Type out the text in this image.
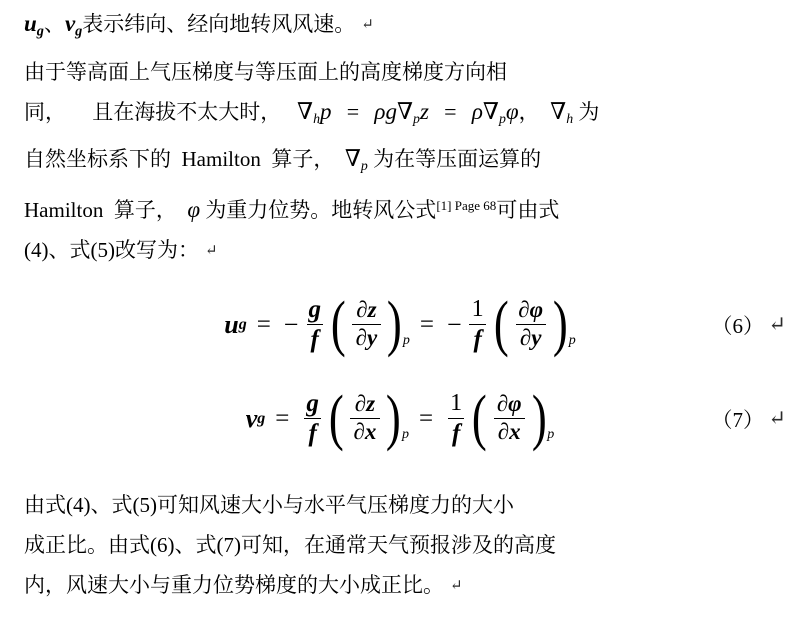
$u_g$、$v_g$表示纬向、经向地转风风速。 ↵
由于等高面上气压梯度与等压面上的高度梯度方向相
同，     且在海拔不太大时，   ∇hp = ρg∇pz = ρ∇pφ，  ∇h 为
自然坐标系下的  Hamilton  算子，  ∇p 为在等压面运算的
Hamilton  算子，  φ 为重力位势。地转风公式$^{[1] Page 68}$可由式
(4)、式(5)改写为： ↵
u g = − $\frac{g}{f}$ ( $\frac{\partial z}{\partial y}$ ) p
= − $\frac{1}{f}$ ( $\frac{\partial\varphi}{\partial y}$ ) p
（6） ↵
v $g = \frac{g}{f}$ ( $\frac{\partial z}{\partial x}$ ) p
= $\frac{1}{f}$ ( $\frac{\partial\varphi}{\partial x}$ ) p
（7） ↵
由式(4)、式(5)可知风速大小与水平气压梯度力的大小
成正比。由式(6)、式(7)可知，在通常天气预报涉及的高度
内，风速大小与重力位势梯度的大小成正比。 ↵
